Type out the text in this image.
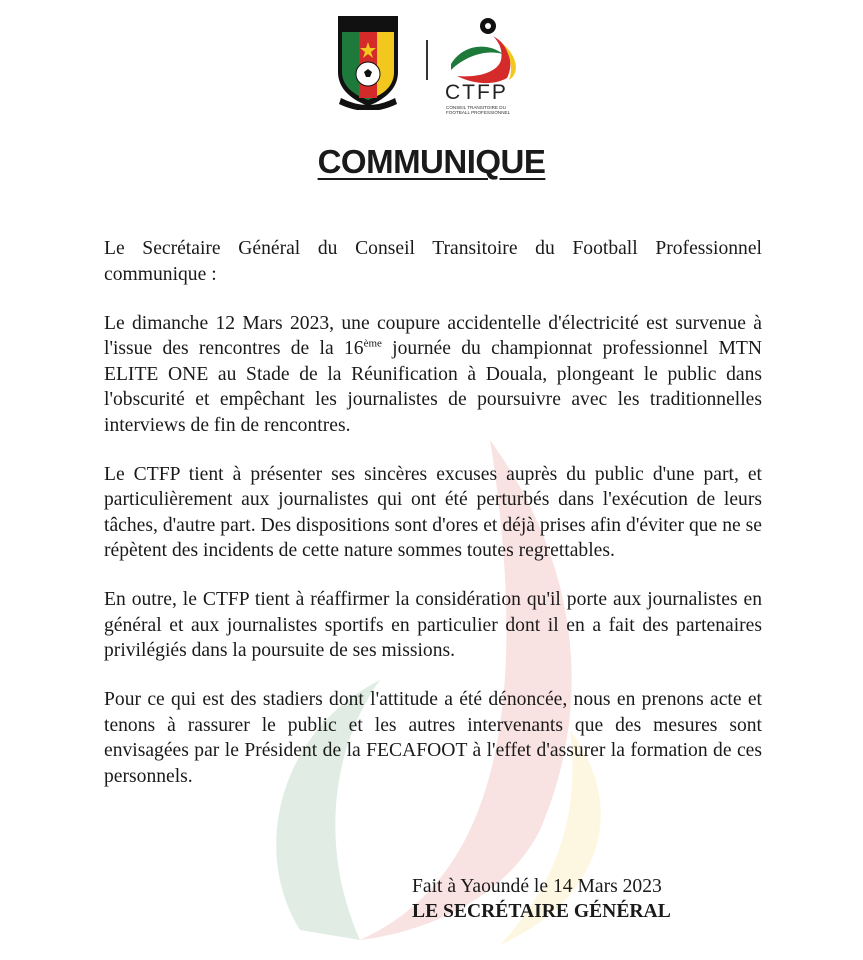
CTFP
CONSEIL TRANSITOIRE DU
FOOTBALL PROFESSIONNEL
COMMUNIQUE

Le Secrétaire Général du Conseil Transitoire du Football Professionnel communique :

Le dimanche 12 Mars 2023, une coupure accidentelle d'électricité est survenue à l'issue des rencontres de la 16ème journée du championnat professionnel MTN ELITE ONE au Stade de la Réunification à Douala, plongeant le public dans l'obscurité et empêchant les journalistes de poursuivre avec les traditionnelles interviews de fin de rencontres.

Le CTFP tient à présenter ses sincères excuses auprès du public d'une part, et particulièrement aux journalistes qui ont été perturbés dans l'exécution de leurs tâches, d'autre part. Des dispositions sont d'ores et déjà prises afin d'éviter que ne se répètent des incidents de cette nature sommes toutes regrettables.

En outre, le CTFP tient à réaffirmer la considération qu'il porte aux journalistes en général et aux journalistes sportifs en particulier dont il en a fait des partenaires privilégiés dans la poursuite de ses missions.

Pour ce qui est des stadiers dont l'attitude a été dénoncée, nous en prenons acte et tenons à rassurer le public et les autres intervenants que des mesures sont envisagées par le Président de la FECAFOOT à l'effet d'assurer la formation de ces personnels.

Fait à Yaoundé le 14 Mars 2023
LE SECRÉTAIRE GÉNÉRAL
